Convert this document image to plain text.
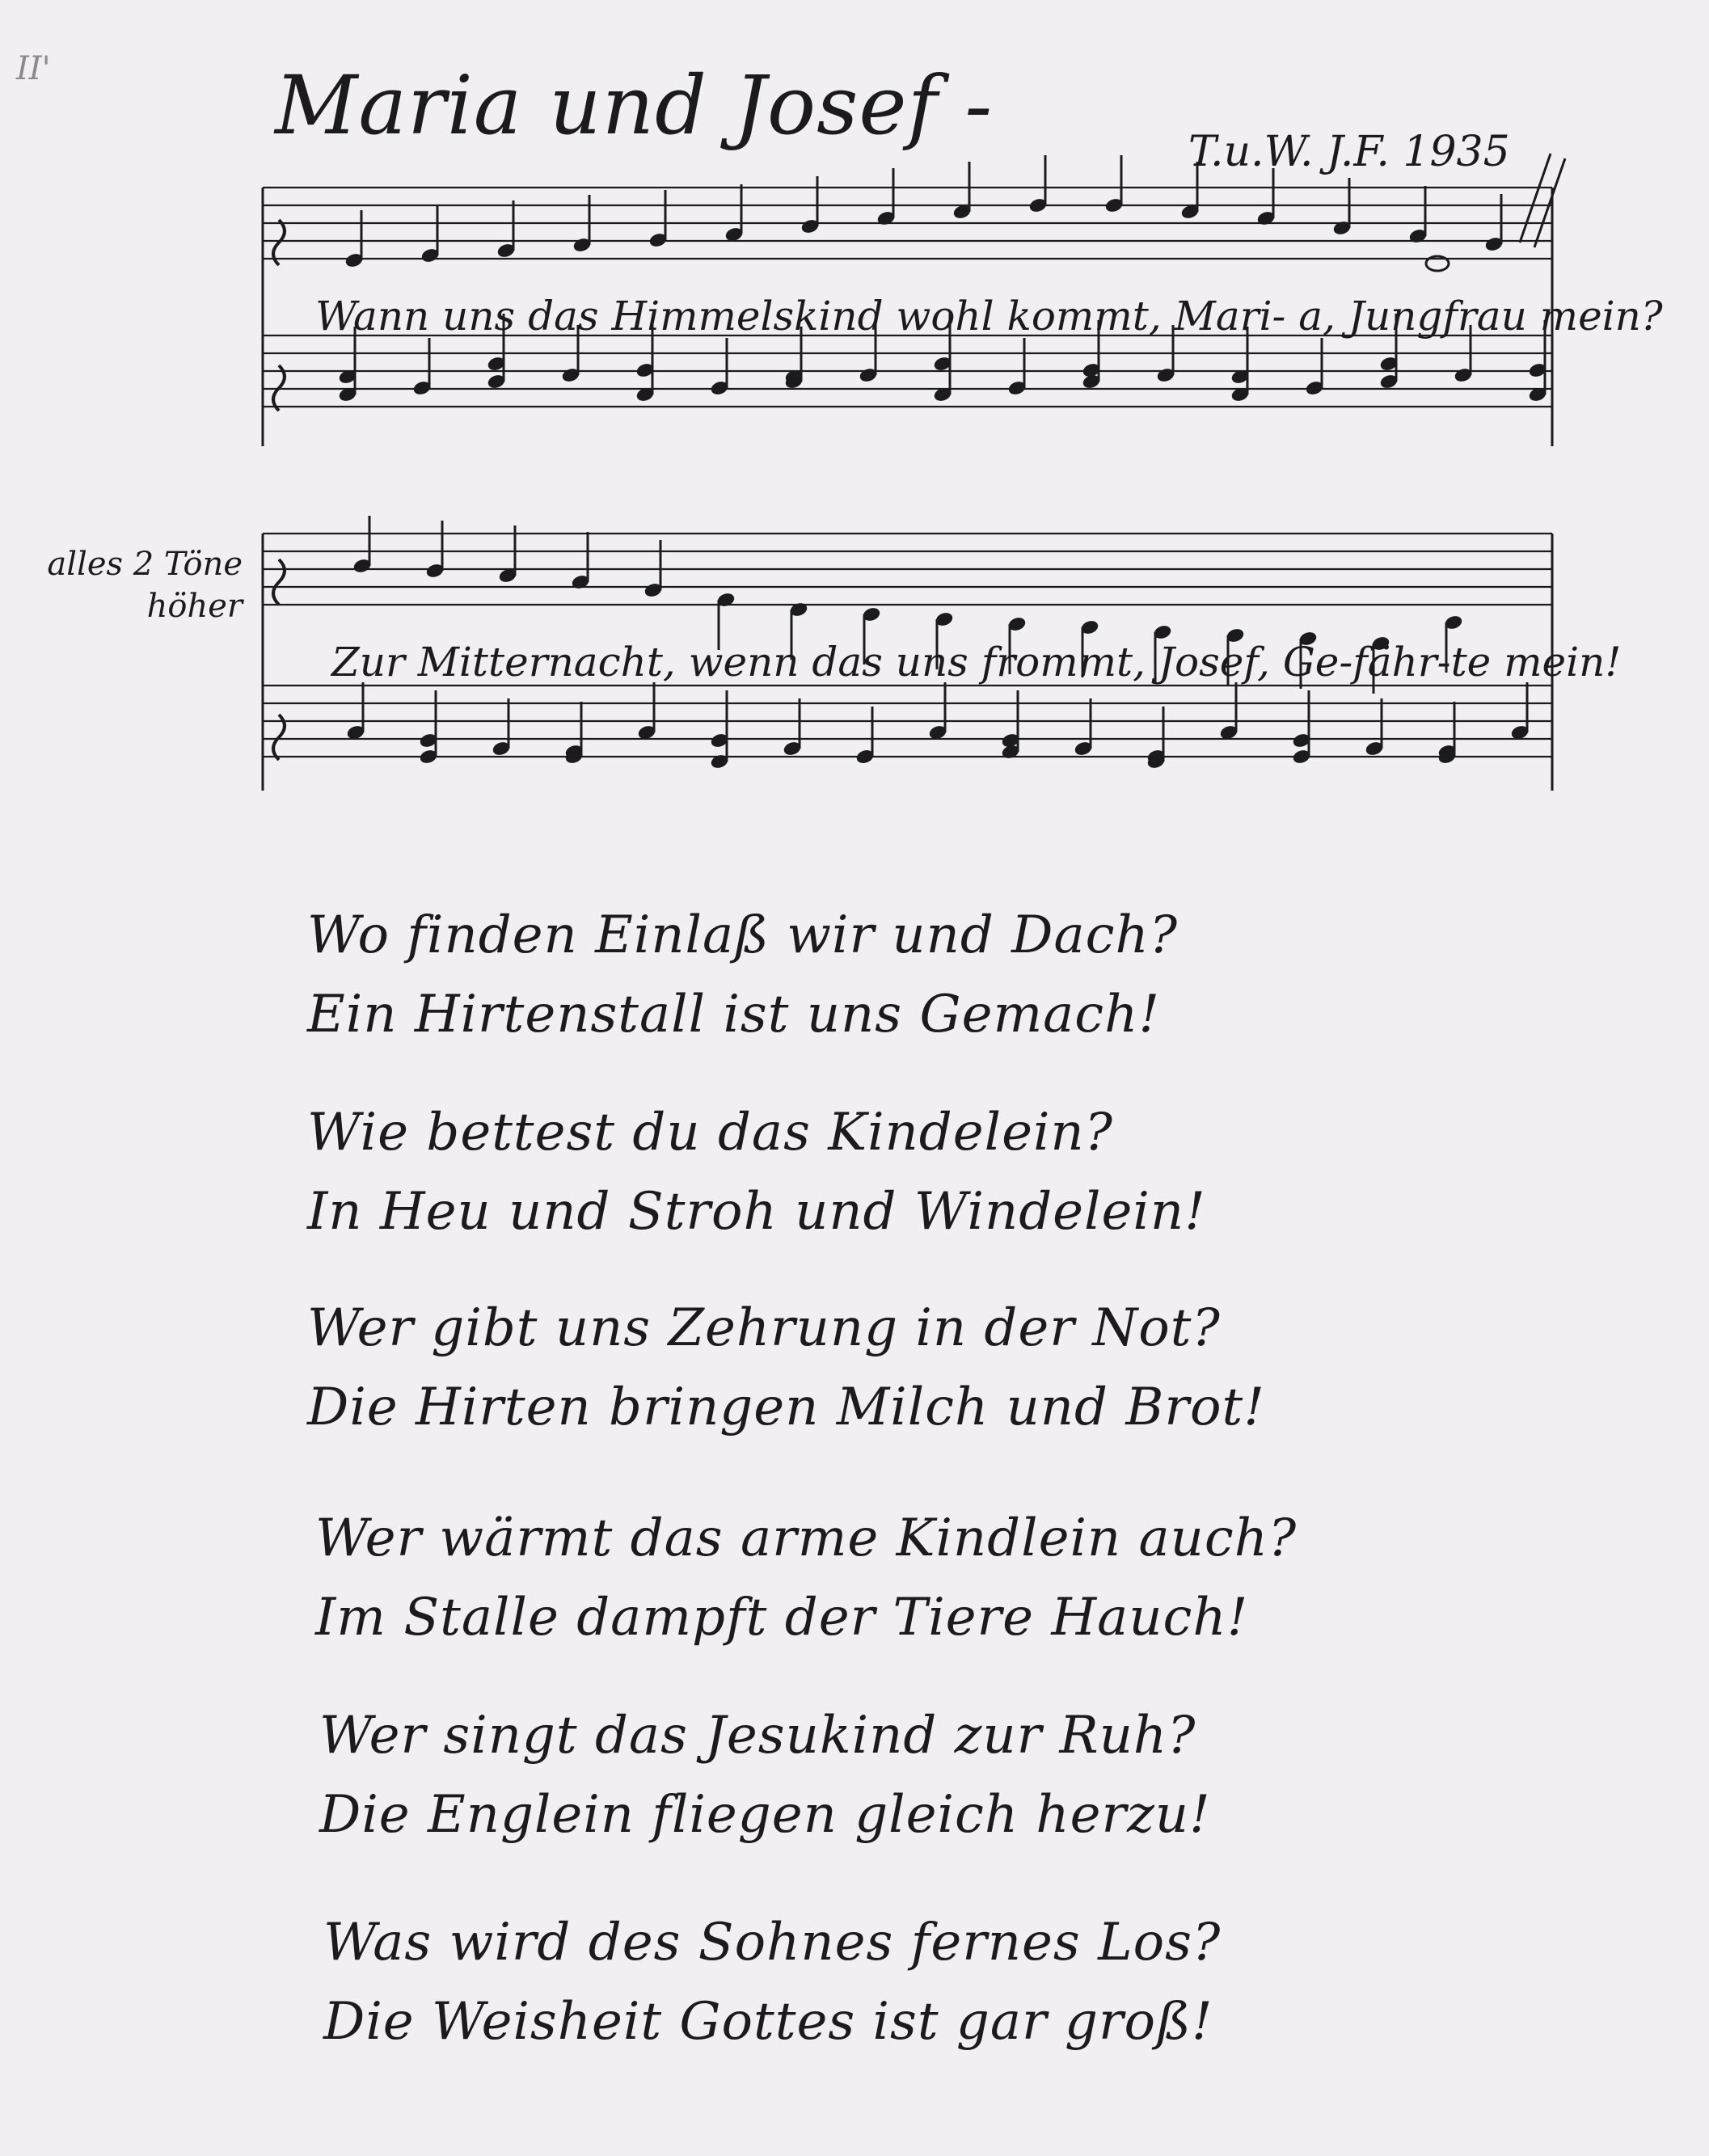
Maria und Josef -	T.u.W. J.F. 1935
II'
alles 2 Töne
höher
Wann uns das Himmelskind wohl kommt, Mari- a, Jungfrau mein?
Zur Mitternacht, wenn das uns frommt, Josef, Ge-fähr-te mein!
Wo finden Einlaß wir und Dach?
Ein Hirtenstall ist uns Gemach!
Wie bettest du das Kindelein?
In Heu und Stroh und Windelein!
Wer gibt uns Zehrung in der Not?
Die Hirten bringen Milch und Brot!
Wer wärmt das arme Kindlein auch?
Im Stalle dampft der Tiere Hauch!
Wer singt das Jesukind zur Ruh?
Die Englein fliegen gleich herzu!
Was wird des Sohnes fernes Los?
Die Weisheit Gottes ist gar groß!
